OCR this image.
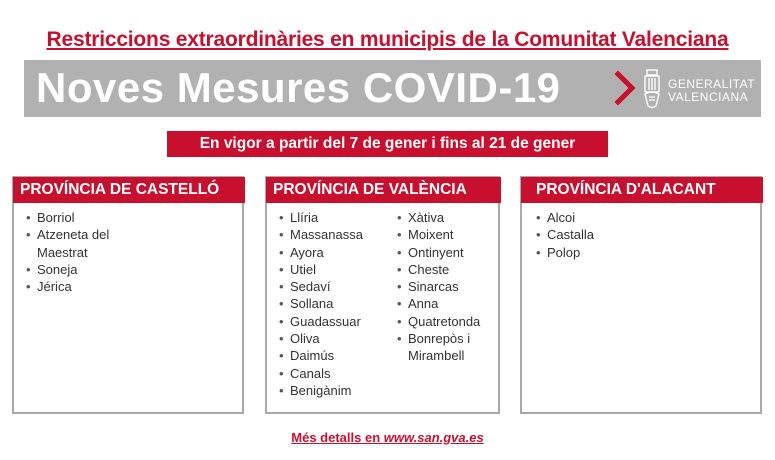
Restriccions extraordinàries en municipis de la Comunitat Valenciana
Noves Mesures COVID-19	GENERALITAT
VALENCIANA
En vigor a partir del 7 de gener i fins al 21 de gener
PROVÍNCIA DE CASTELLÓ
• Borriol
• Atzeneta del
Maestrat
• Soneja
• Jérica
PROVÍNCIA DE VALÈNCIA
• Llíria
• Massanassa
• Ayora
• Utiel
• Sedaví
• Sollana
• Guadassuar
• Oliva
• Daimús
• Canals
• Benigànim
• Xàtiva
• Moixent
• Ontinyent
• Cheste
• Sinarcas
• Anna
• Quatretonda
• Bonrepòs i
Mirambell
PROVÍNCIA D'ALACANT
• Alcoi
• Castalla
• Polop
Més detalls en www.san.gva.es
